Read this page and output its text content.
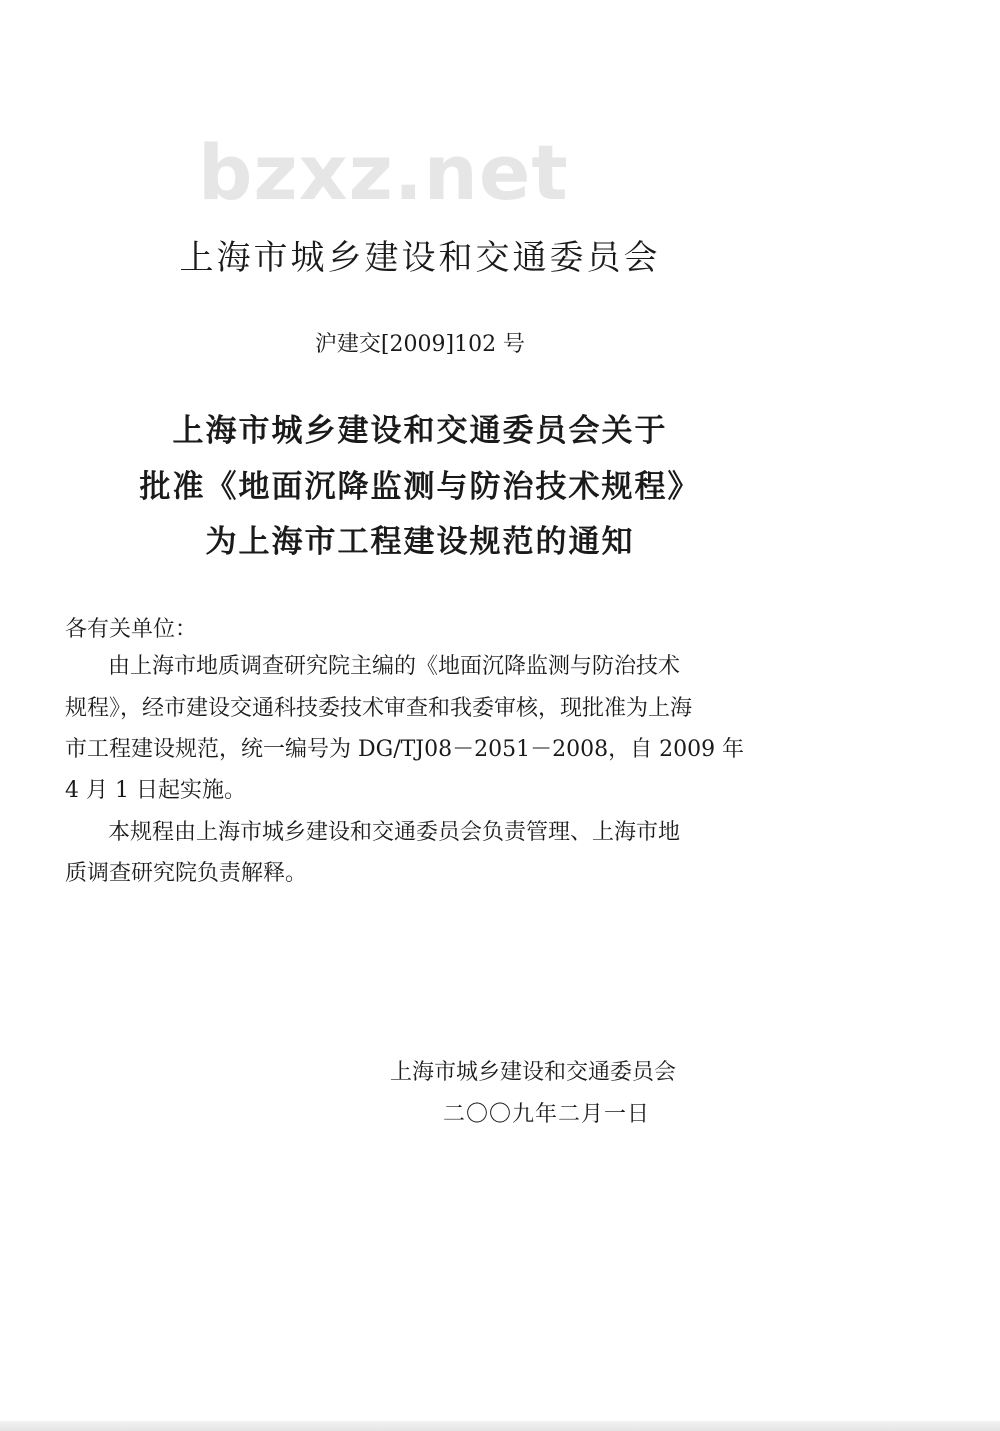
bzxz.net
上海市城乡建设和交通委员会
沪建交[2009]102 号
上海市城乡建设和交通委员会关于
批准《地面沉降监测与防治技术规程》
为上海市工程建设规范的通知
各有关单位：
由上海市地质调查研究院主编的《地面沉降监测与防治技术
规程》，经市建设交通科技委技术审查和我委审核，现批准为上海
市工程建设规范，统一编号为 DG/TJ08－2051－2008，自 2009 年
4 月 1 日起实施。
本规程由上海市城乡建设和交通委员会负责管理、上海市地
质调查研究院负责解释。
上海市城乡建设和交通委员会
二〇〇九年二月一日
